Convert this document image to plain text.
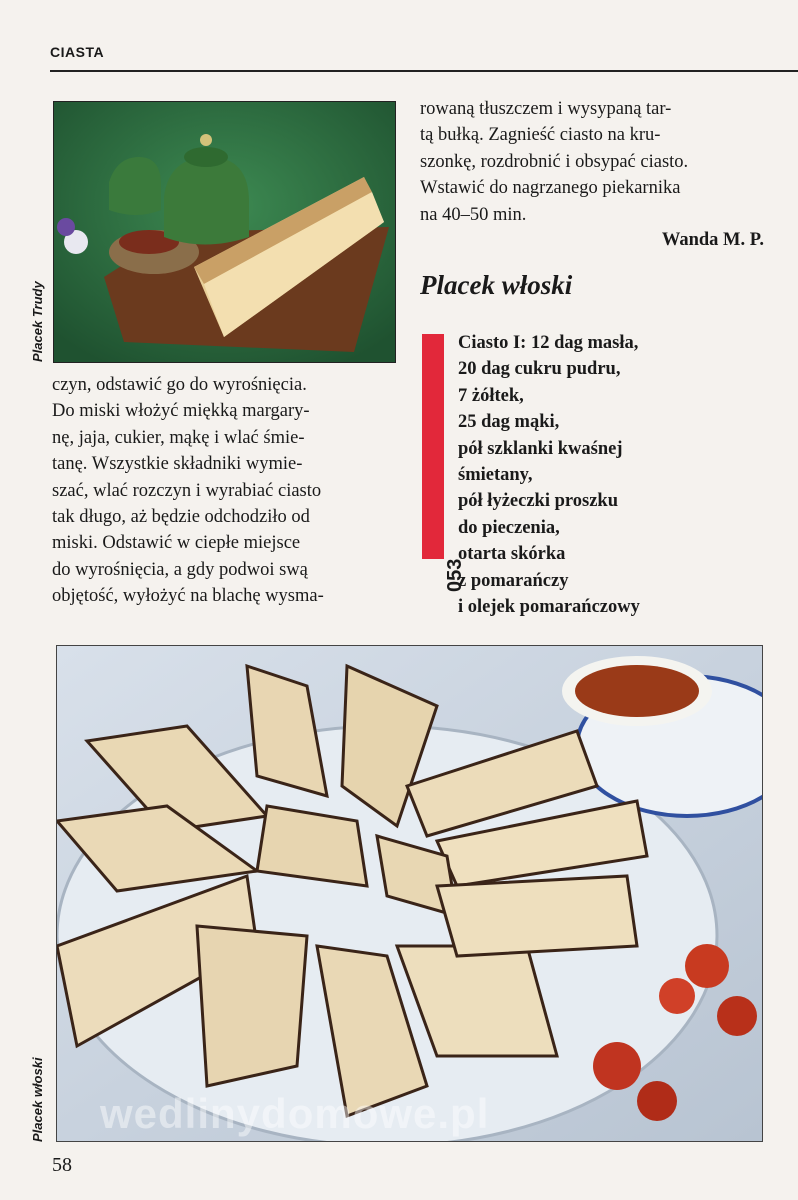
CIASTA
Placek Trudy
Placek włoski

czyn, odstawić go do wyrośnięcia.

Do miski włożyć miękką margary-

nę, jaja, cukier, mąkę i wlać śmie-

tanę. Wszystkie składniki wymie-

szać, wlać rozczyn i wyrabiać ciasto

tak długo, aż będzie odchodziło od

miski. Odstawić w ciepłe miejsce

do wyrośnięcia, a gdy podwoi swą

objętość, wyłożyć na blachę wysma-

rowaną tłuszczem i wysypaną tar-

tą bułką. Zagnieść ciasto na kru-

szonkę, rozdrobnić i obsypać ciasto.

Wstawić do nagrzanego piekarnika

na 40–50 min.

Wanda M. P.
Placek włoski
053
Ciasto I: 12 dag masła,
20 dag cukru pudru,
7 żółtek,
25 dag mąki,
pół szklanki kwaśnej
śmietany,
pół łyżeczki proszku
do pieczenia,
otarta skórka
z pomarańczy
i olejek pomarańczowy
wedlinydomowe.pl
58
